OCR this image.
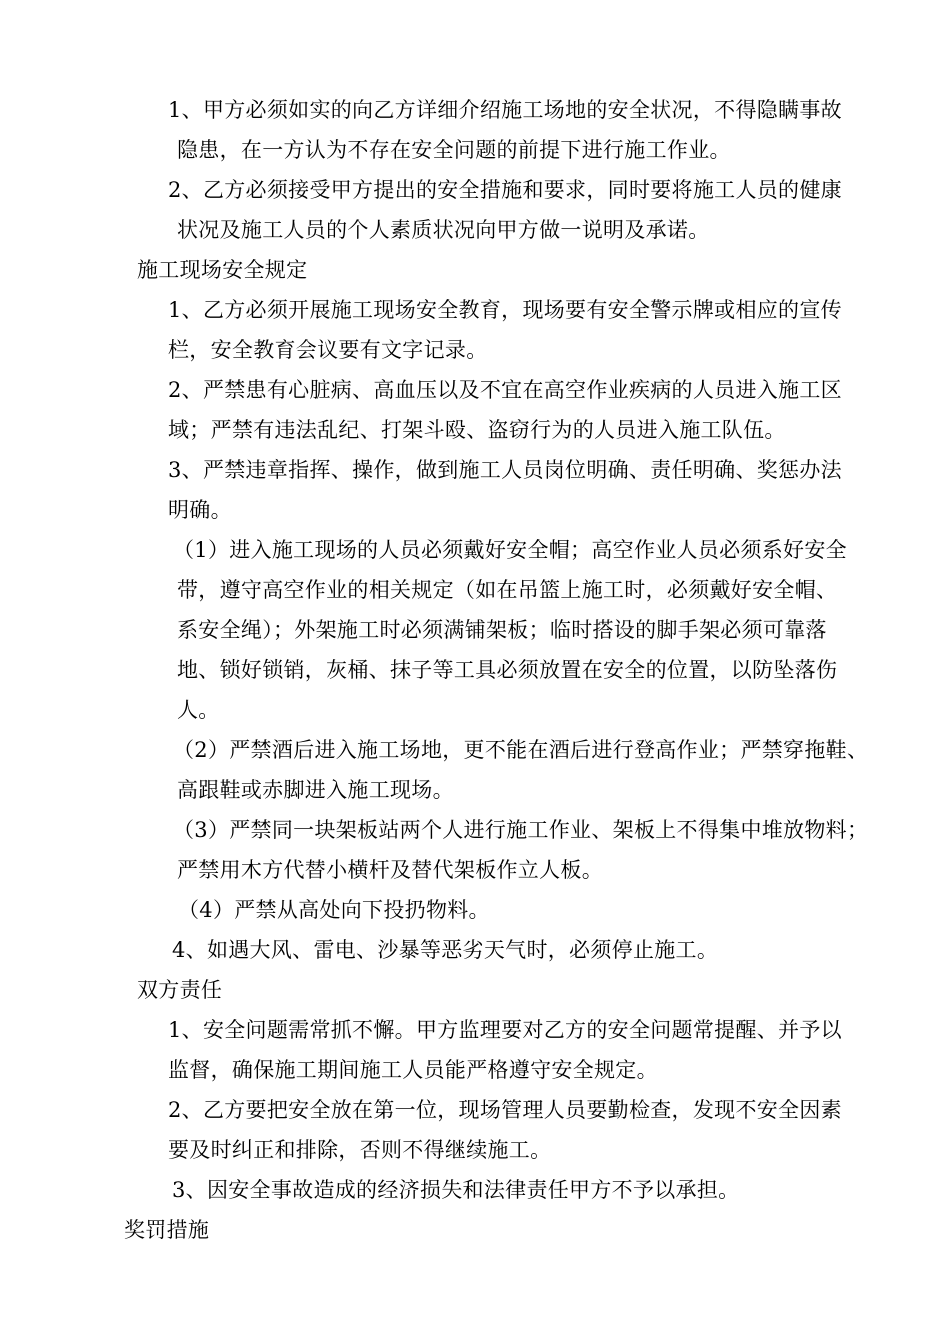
1、甲方必须如实的向乙方详细介绍施工场地的安全状况，不得隐瞒事故
隐患，在一方认为不存在安全问题的前提下进行施工作业。
2、乙方必须接受甲方提出的安全措施和要求，同时要将施工人员的健康
状况及施工人员的个人素质状况向甲方做一说明及承诺。
施工现场安全规定
1、乙方必须开展施工现场安全教育，现场要有安全警示牌或相应的宣传
栏，安全教育会议要有文字记录。
2、严禁患有心脏病、高血压以及不宜在高空作业疾病的人员进入施工区
域；严禁有违法乱纪、打架斗殴、盗窃行为的人员进入施工队伍。
3、严禁违章指挥、操作，做到施工人员岗位明确、责任明确、奖惩办法
明确。
（1）进入施工现场的人员必须戴好安全帽；高空作业人员必须系好安全
带，遵守高空作业的相关规定（如在吊篮上施工时，必须戴好安全帽、
系安全绳）；外架施工时必须满铺架板；临时搭设的脚手架必须可靠落
地、锁好锁销，灰桶、抹子等工具必须放置在安全的位置，以防坠落伤
人。
（2）严禁酒后进入施工场地，更不能在酒后进行登高作业；严禁穿拖鞋、
高跟鞋或赤脚进入施工现场。
（3）严禁同一块架板站两个人进行施工作业、架板上不得集中堆放物料；
严禁用木方代替小横杆及替代架板作立人板。
（4）严禁从高处向下投扔物料。
4、如遇大风、雷电、沙暴等恶劣天气时，必须停止施工。
双方责任
1、安全问题需常抓不懈。甲方监理要对乙方的安全问题常提醒、并予以
监督，确保施工期间施工人员能严格遵守安全规定。
2、乙方要把安全放在第一位，现场管理人员要勤检查，发现不安全因素
要及时纠正和排除，否则不得继续施工。
3、因安全事故造成的经济损失和法律责任甲方不予以承担。
奖罚措施
